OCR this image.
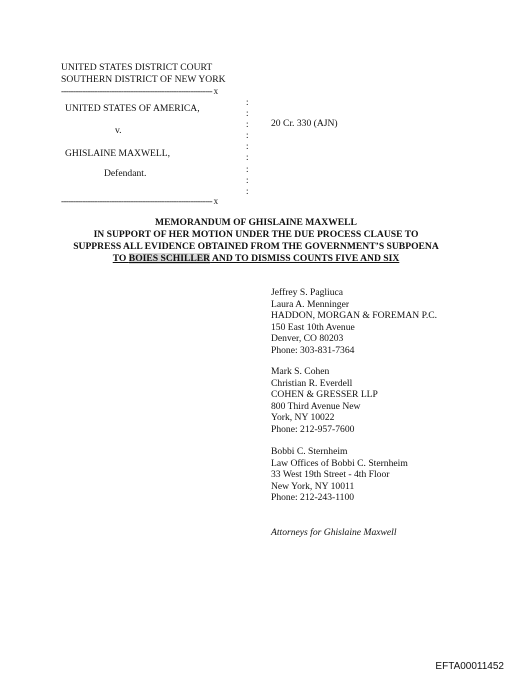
UNITED STATES DISTRICT COURT
SOUTHERN DISTRICT OF NEW YORK
--------------------------------------------------------------- x
:
:
:
:
:
:
:
:
:
UNITED STATES OF AMERICA,
v.
GHISLAINE MAXWELL,
Defendant.
20 Cr. 330 (AJN)
--------------------------------------------------------------- x
MEMORANDUM OF GHISLAINE MAXWELL
IN SUPPORT OF HER MOTION UNDER THE DUE PROCESS CLAUSE TO
SUPPRESS ALL EVIDENCE OBTAINED FROM THE GOVERNMENT’S SUBPOENA
TO BOIES SCHILLER AND TO DISMISS COUNTS FIVE AND SIX
Jeffrey S. Pagliuca
Laura A. Menninger
HADDON, MORGAN & FOREMAN P.C.
150 East 10th Avenue
Denver, CO 80203
Phone: 303-831-7364
Mark S. Cohen
Christian R. Everdell
COHEN & GRESSER LLP
800 Third Avenue New
York, NY 10022
Phone: 212-957-7600
Bobbi C. Sternheim
Law Offices of Bobbi C. Sternheim
33 West 19th Street - 4th Floor
New York, NY 10011
Phone: 212-243-1100
Attorneys for Ghislaine Maxwell
EFTA00011452
